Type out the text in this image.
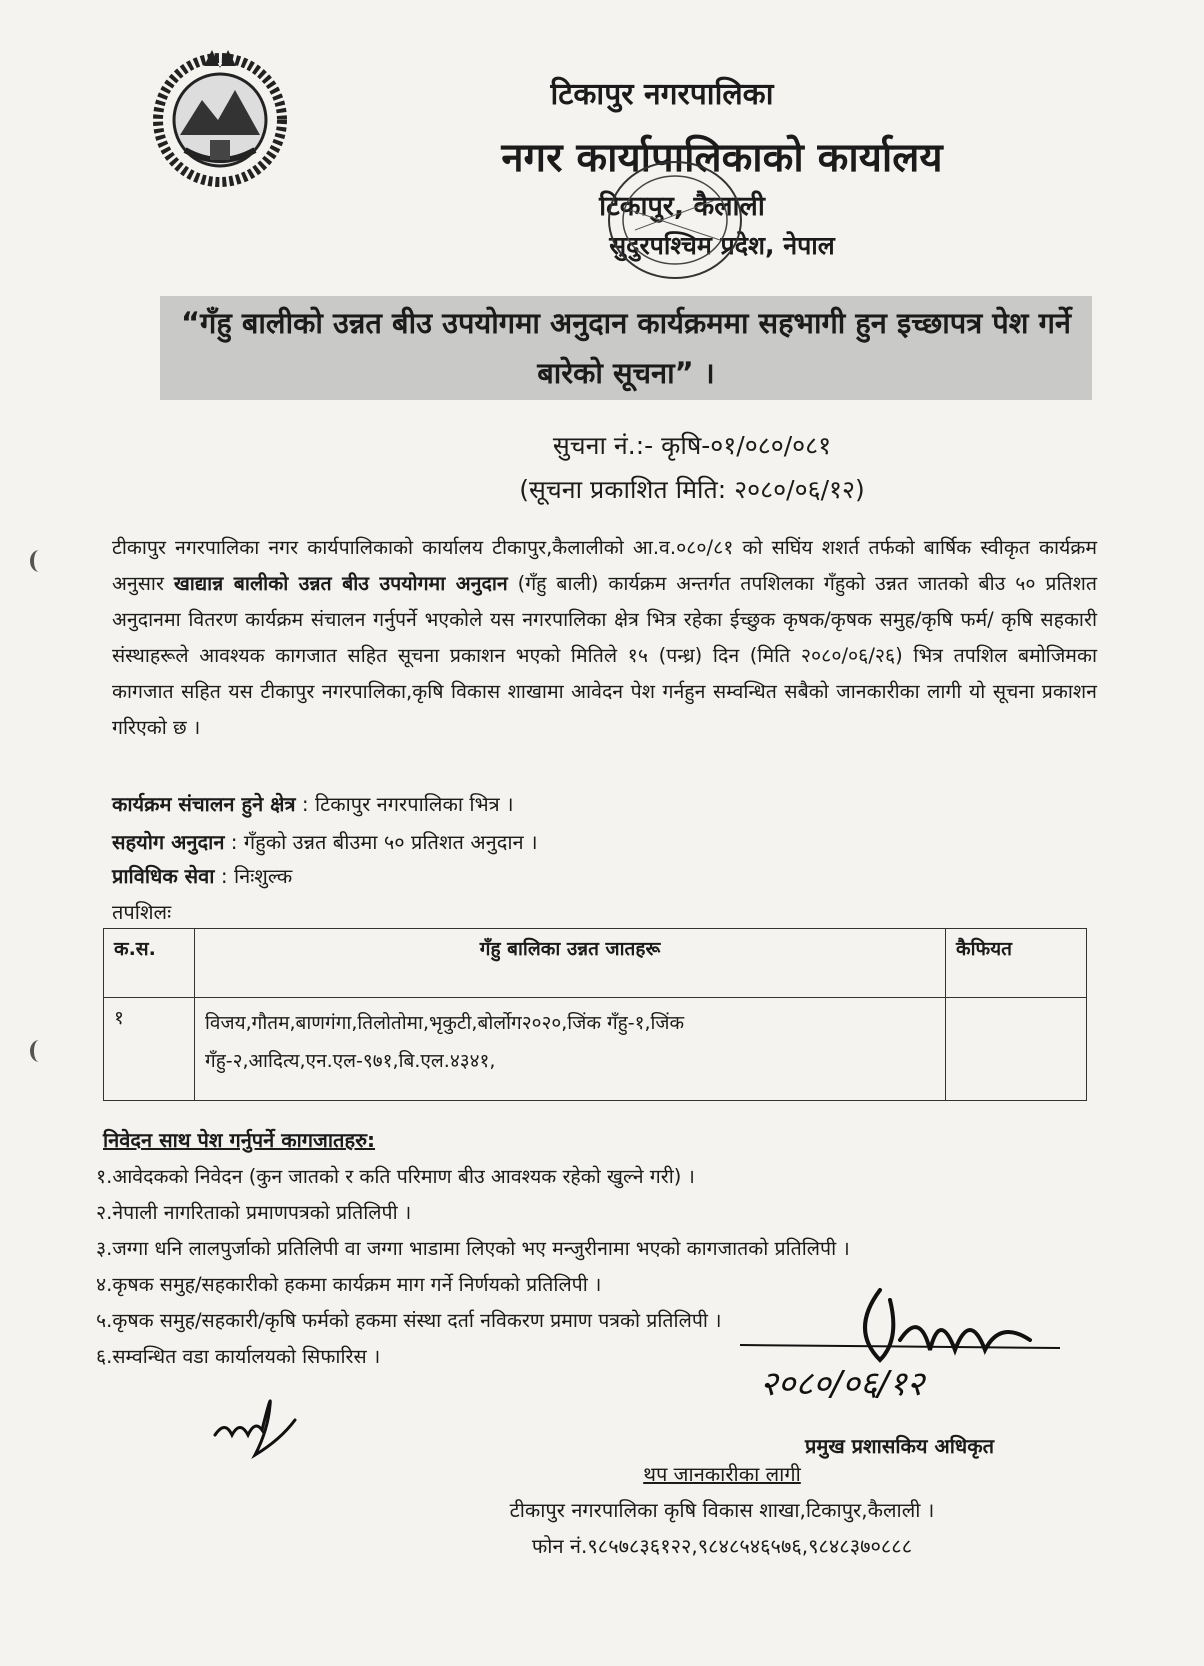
टिकापुर नगरपालिका
नगर कार्यापालिकाको कार्यालय
टिकापुर, कैलाली
सुदुरपश्चिम प्रदेश, नेपाल
“गँहु बालीको उन्नत बीउ उपयोगमा अनुदान कार्यक्रममा सहभागी हुन इच्छापत्र पेश गर्ने बारेको सूचना” ।
सुचना नं.:- कृषि-०१/०८०/०८१
(सूचना प्रकाशित मिति: २०८०/०६/१२)
टीकापुर नगरपालिका नगर कार्यपालिकाको कार्यालय टीकापुर,कैलालीको आ.व.०८०/८१ को सघिंय शशर्त तर्फको बार्षिक स्वीकृत कार्यक्रम अनुसार खाद्यान्न बालीको उन्नत बीउ उपयोगमा अनुदान (गँहु बाली) कार्यक्रम अन्तर्गत तपशिलका गँहुको उन्नत जातको बीउ ५० प्रतिशत अनुदानमा वितरण कार्यक्रम संचालन गर्नुपर्ने भएकोले यस नगरपालिका क्षेत्र भित्र रहेका ईच्छुक कृषक/कृषक समुह/कृषि फर्म/ कृषि सहकारी संस्थाहरूले आवश्यक कागजात सहित सूचना प्रकाशन भएको मितिले १५ (पन्ध्र) दिन (मिति २०८०/०६/२६) भित्र तपशिल बमोजिमका कागजात सहित यस टीकापुर नगरपालिका,कृषि विकास शाखामा आवेदन पेश गर्नहुन सम्वन्धित सबैको जानकारीका लागी यो सूचना प्रकाशन गरिएको छ ।
कार्यक्रम संचालन हुने क्षेत्र : टिकापुर नगरपालिका भित्र ।
सहयोग अनुदान : गँहुको उन्नत बीउमा ५० प्रतिशत अनुदान ।
प्राविधिक सेवा : निःशुल्क
तपशिलः
क.स.	गँहु बालिका उन्नत जातहरू	कैफियत
१	विजय,गौतम,बाणगंगा,तिलोतोमा,भृकुटी,बोर्लोग२०२०,जिंक गँहु-१,जिंक गँहु-२,आदित्य,एन.एल-९७१,बि.एल.४३४१,	
निवेदन साथ पेश गर्नुपर्ने कागजातहरु:
१.आवेदकको निवेदन (कुन जातको र कति परिमाण बीउ आवश्यक रहेको खुल्ने गरी) ।
२.नेपाली नागरिताको प्रमाणपत्रको प्रतिलिपी ।
३.जग्गा धनि लालपुर्जाको प्रतिलिपी वा जग्गा भाडामा लिएको भए मन्जुरीनामा भएको कागजातको प्रतिलिपी ।
४.कृषक समुह/सहकारीको हकमा कार्यक्रम माग गर्ने निर्णयको प्रतिलिपी ।
५.कृषक समुह/सहकारी/कृषि फर्मको हकमा संस्था दर्ता नविकरण प्रमाण पत्रको प्रतिलिपी ।
६.सम्वन्धित वडा कार्यालयको सिफारिस ।
२०८०/०६/१२
प्रमुख प्रशासकिय अधिकृत
थप जानकारीका लागी
टीकापुर नगरपालिका कृषि विकास शाखा,टिकापुर,कैलाली ।
फोन नं.९८५७८३६१२२,९८४८५४६५७६,९८४८३७०८८८
